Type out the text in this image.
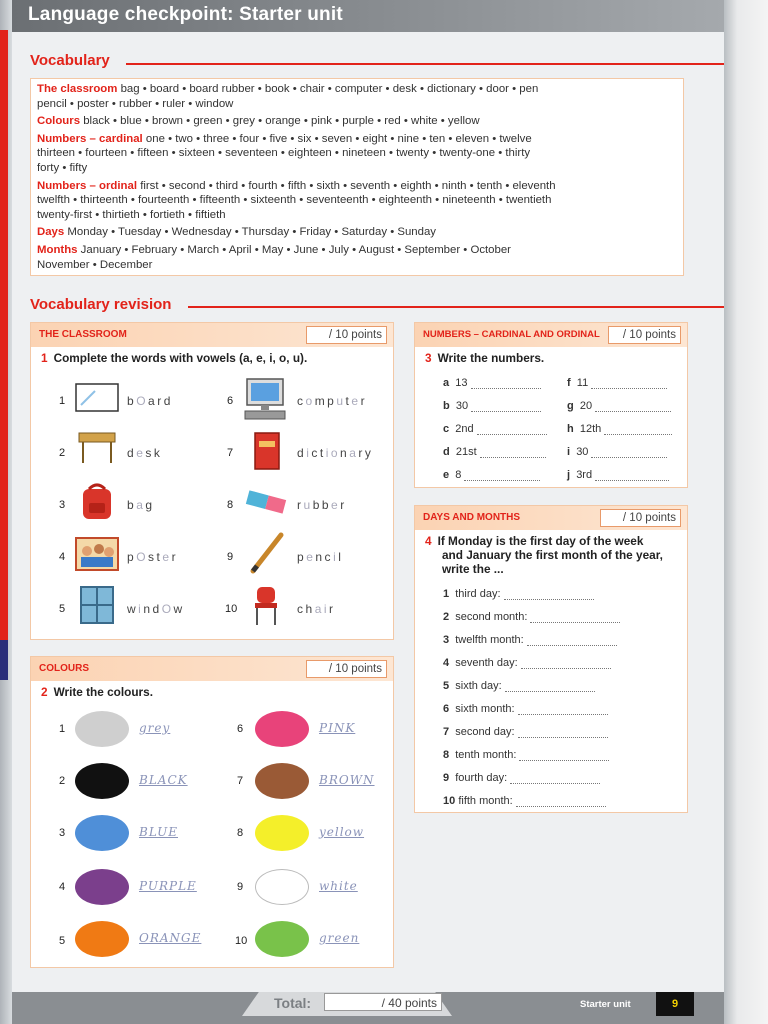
Language checkpoint: Starter unit
Vocabulary
The classroom bag • board • board rubber • book • chair • computer • desk • dictionary • door • pen
pencil • poster • rubber • ruler • window
Colours black • blue • brown • green • grey • orange • pink • purple • red • white • yellow
Numbers – cardinal one • two • three • four • five • six • seven • eight • nine • ten • eleven • twelve
thirteen • fourteen • fifteen • sixteen • seventeen • eighteen • nineteen • twenty • twenty-one • thirty
forty • fifty
Numbers – ordinal first • second • third • fourth • fifth • sixth • seventh • eighth • ninth • tenth • eleventh
twelfth • thirteenth • fourteenth • fifteenth • sixteenth • seventeenth • eighteenth • nineteenth • twentieth
twenty-first • thirtieth • fortieth • fiftieth
Days Monday • Tuesday • Wednesday • Thursday • Friday • Saturday • Sunday
Months January • February • March • April • May • June • July • August • September • October
November • December
Vocabulary revision
THE CLASSROOM	/ 10 points
1 Complete the words with vowels (a, e, i, o, u).
1	bOard
2	desk
3	bag
4	pOster
5	windOw
6	computer
7	dictionary
8	rubber
9	pencil
10	chair
COLOURS	/ 10 points
2 Write the colours.
1	grey
2	BLACK
3	BLUE
4	PURPLE
5	ORANGE
6	PINK
7	BROWN
8	yellow
9	white
10	green
NUMBERS – CARDINAL AND ORDINAL	/ 10 points
3 Write the numbers.
a 13
b 30
c 2nd
d 21st
e 8
f 11
g 20
h 12th
i 30
j 3rd
DAYS AND MONTHS	/ 10 points
4 If Monday is the first day of the week
and January the first month of the year,
write the ...
1 third day:
2 second month:
3 twelfth month:
4 seventh day:
5 sixth day:
6 sixth month:
7 second day:
8 tenth month:
9 fourth day:
10 fifth month:
Total:	/ 40 points	Starter unit	9
